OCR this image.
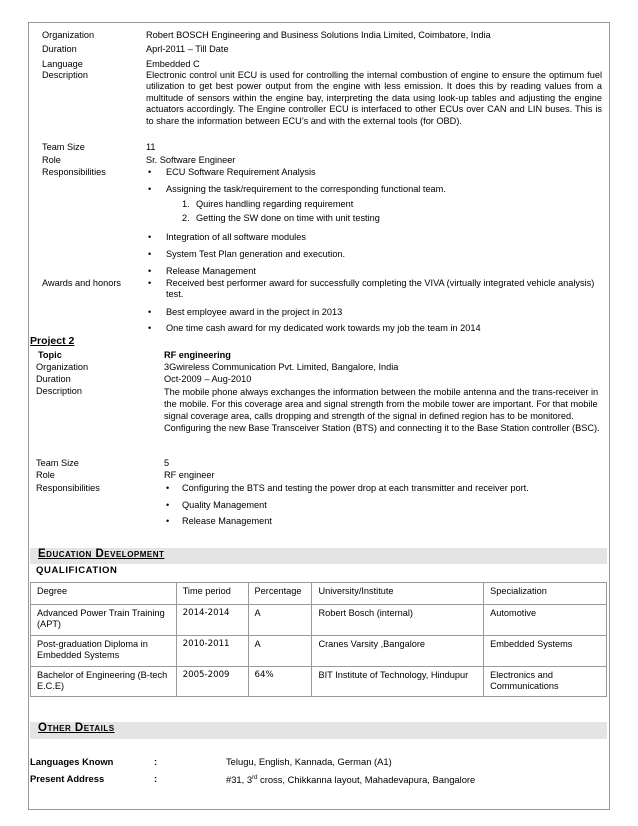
Organization	Robert BOSCH Engineering and Business Solutions India Limited, Coimbatore, India
Duration	Aprl-2011 – Till Date
Language	Embedded C
Description	Electronic control unit ECU is used for controlling the internal combustion of engine to ensure the optimum fuel utilization to get best power output from the engine with less emission. It does this by reading values from a multitude of sensors within the engine bay, interpreting the data using look-up tables and adjusting the engine actuators accordingly. The Engine controller ECU is interfaced to other ECUs over CAN and LIN buses. This is to share the information between ECU’s and with the external tools (for OBD).
Team Size	11
Role	Sr. Software Engineer
Responsibilities	• ECU Software Requirement Analysis
• Assigning the task/requirement to the corresponding functional team.
1. Quires handling regarding requirement
2. Getting the SW done on time with unit testing
• Integration of all software modules
• System Test Plan generation and execution.
• Release Management
Awards and honors	• Received best performer award for successfully completing the VIVA (virtually integrated vehicle analysis) test.
• Best employee award in the project in 2013
• One time cash award for my dedicated work towards my job the team in 2014
Project 2
Topic	RF engineering
Organization	3Gwireless Communication Pvt. Limited, Bangalore, India
Duration	Oct-2009 – Aug-2010
Description	The mobile phone always exchanges the information between the mobile antenna and the trans-receiver in the mobile. For this coverage area and signal strength from the mobile tower are important. For that mobile signal coverage area, calls dropping and strength of the signal in defined region has to be monitored. Configuring the new Base Transceiver Station (BTS) and connecting it to the Base Station controller (BSC).
Team Size	5
Role	RF engineer
Responsibilities	• Configuring the BTS and testing the power drop at each transmitter and receiver port.
• Quality Management
• Release Management
Education Development
QUALIFICATION
Degree	Time period	Percentage	University/Institute	Specialization
Advanced Power Train Training (APT)	2014-2014	A	Robert Bosch (internal)	Automotive
Post-graduation Diploma in Embedded Systems	2010-2011	A	Cranes Varsity ,Bangalore	Embedded Systems
Bachelor of Engineering (B-tech E.C.E)	2005-2009	64%	BIT Institute of Technology, Hindupur	Electronics and Communications
Other Details
Languages Known	:	Telugu, English, Kannada, German (A1)
Present Address	:	#31, 3rd cross, Chikkanna layout, Mahadevapura, Bangalore
